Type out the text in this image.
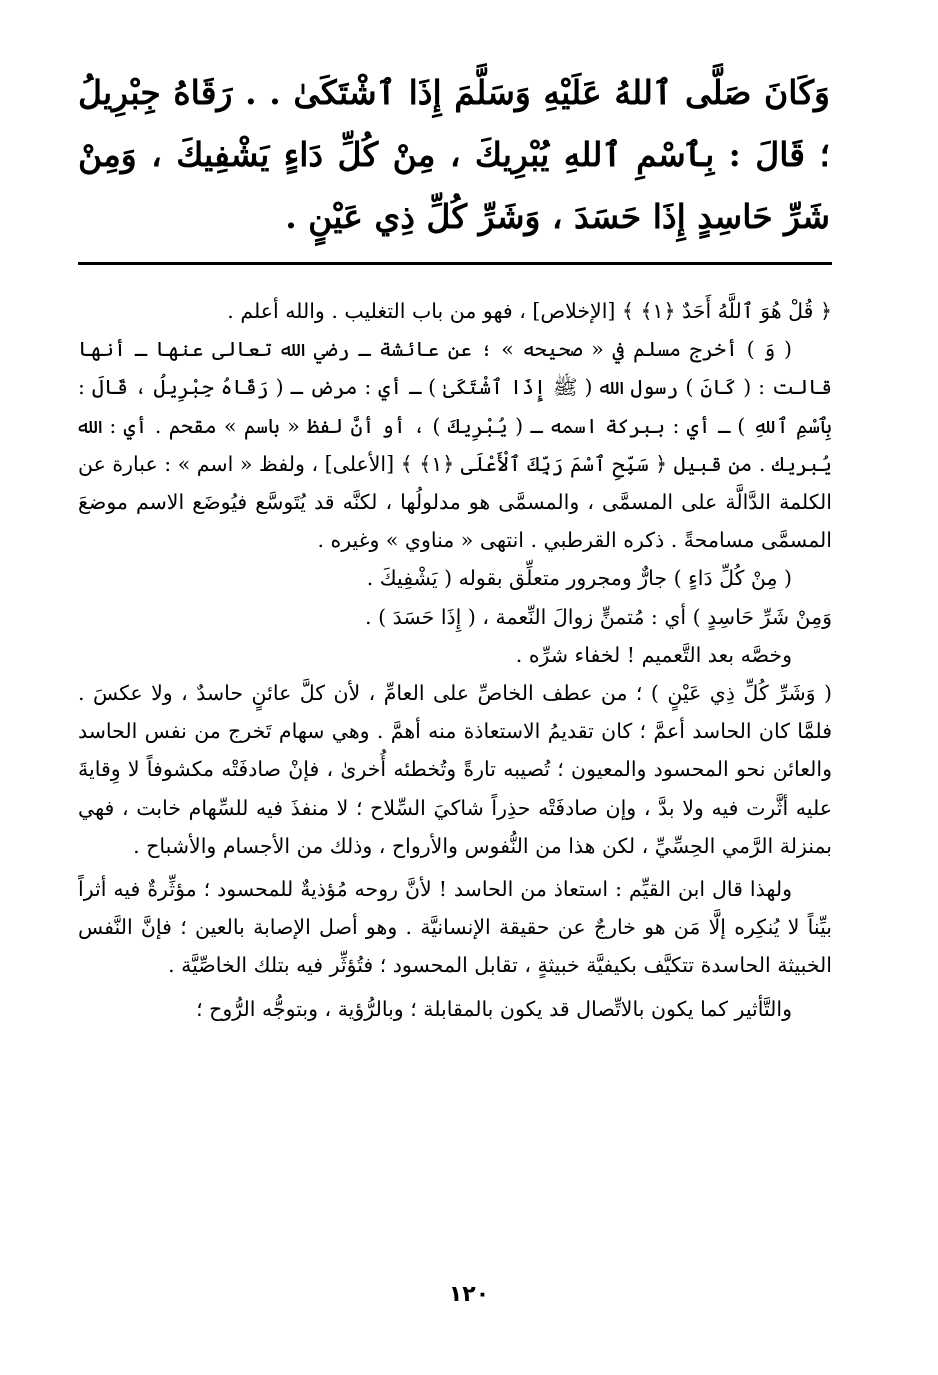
وَكَانَ صَلَّى ٱللهُ عَلَيْهِ وَسَلَّمَ إِذَا ٱشْتَكَىٰ . . رَقَاهُ جِبْرِيلُ ؛ قَالَ : بِٱسْمِ ٱللهِ يُبْرِيكَ ، مِنْ كُلِّ دَاءٍ يَشْفِيكَ ، وَمِنْ شَرِّ حَاسِدٍ إِذَا حَسَدَ ، وَشَرِّ كُلِّ ذِي عَيْنٍ .

﴿ قُلْ هُوَ ٱللَّهُ أَحَدٌ ﴿١﴾ ﴾ [الإخلاص] ، فهو من باب التغليب . والله أعلم .

( وَ ) أخرج مسلم في « صحيحه » ؛ عن عائشة ـ رضي الله تعالى عنها ـ أنها قالت : ( كَانَ ) رسول الله ( ﷺ إِذَا ٱشْتَكَىٰ ) ـ أي : مرض ـ ( رَقَاهُ جِبْرِيلُ ، قَالَ : بِٱسْمِ ٱللهِ ) ـ أي : ببركة اسمه ـ ( يُبْرِيكَ ) ، أو أنَّ لفظ « باسم » مقحم . أي : الله يُبريك . من قبيل ﴿ سَبِّحِ ٱسْمَ رَبِّكَ ٱلْأَعْلَى ﴿١﴾ ﴾ [الأعلى] ، ولفظ « اسم » : عبارة عن الكلمة الدَّالَّة على المسمَّى ، والمسمَّى هو مدلولُها ، لكنَّه قد يُتَوسَّع فيُوضَع الاسم موضعَ المسمَّى مسامحةً . ذكره القرطبي . انتهى « مناوي » وغيره .

( مِنْ كُلِّ دَاءٍ ) جارٌّ ومجرور متعلِّق بقوله ( يَشْفِيكَ .

وَمِنْ شَرِّ حَاسِدٍ ) أي : مُتمنٍّ زوالَ النِّعمة ، ( إِذَا حَسَدَ ) .

وخصَّه بعد التَّعميم ! لخفاء شرِّه .

( وَشَرِّ كُلِّ ذِي عَيْنٍ ) ؛ من عطف الخاصِّ على العامِّ ، لأن كلَّ عائنٍ حاسدٌ ، ولا عكسَ . فلمَّا كان الحاسد أعمَّ ؛ كان تقديمُ الاستعاذة منه أهمَّ . وهي سهام تَخرج من نفس الحاسد والعائن نحو المحسود والمعيون ؛ تُصيبه تارةً وتُخطئه أُخرىٰ ، فإنْ صادفَتْه مكشوفاً لا وِقايةَ عليه أثَّرت فيه ولا بدَّ ، وإن صادفَتْه حذِراً شاكيَ السِّلاح ؛ لا منفذَ فيه للسِّهام خابت ، فهي بمنزلة الرَّمي الحِسِّيِّ ، لكن هذا من النُّفوس والأرواح ، وذلك من الأجسام والأشباح .

ولهذا قال ابن القيِّم : استعاذ من الحاسد ! لأنَّ روحه مُؤذيةٌ للمحسود ؛ مؤثِّرةٌ فيه أثراً بيِّناً لا يُنكِره إلَّا مَن هو خارجٌ عن حقيقة الإنسانيَّة . وهو أصل الإصابة بالعين ؛ فإنَّ النَّفس الخبيثة الحاسدة تتكيَّف بكيفيَّة خبيثةٍ ، تقابل المحسود ؛ فتُؤثِّر فيه بتلك الخاصِّيَّة .

والتَّأثير كما يكون بالاتِّصال قد يكون بالمقابلة ؛ وبالرُّؤية ، وبتوجُّه الرُّوح ؛

١٢٠
